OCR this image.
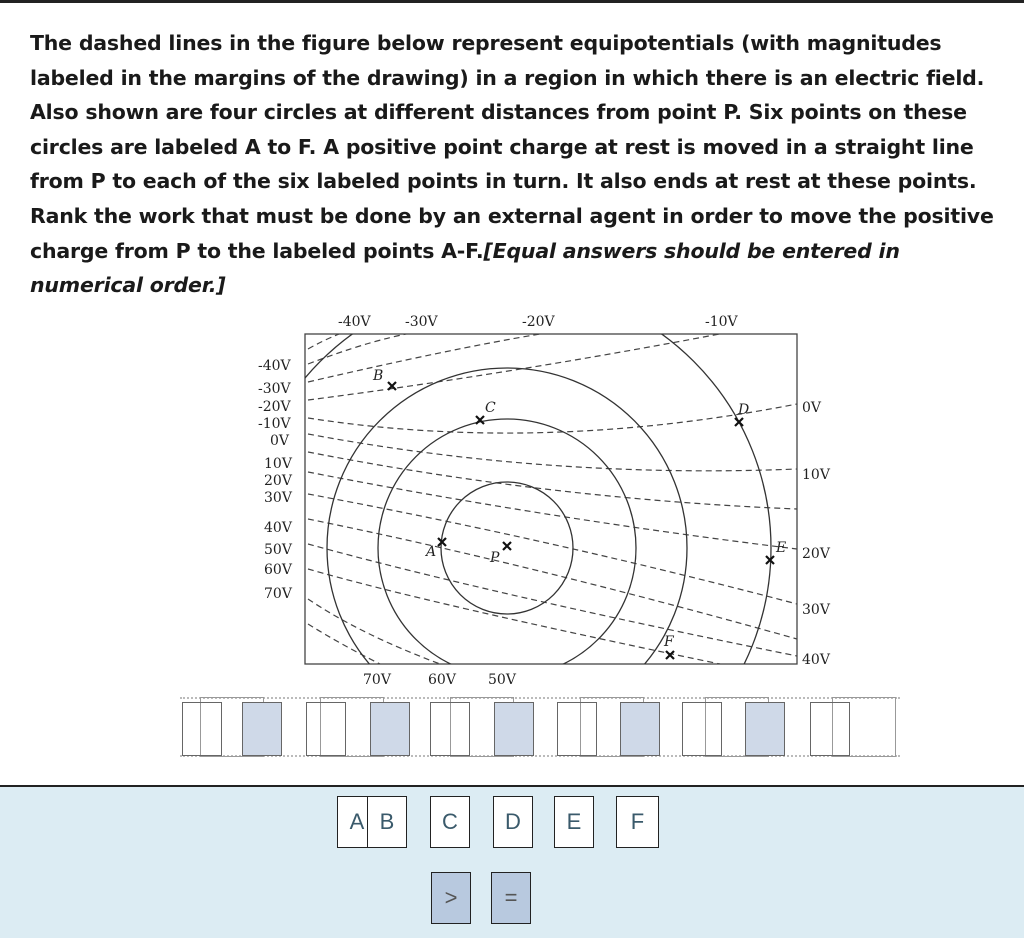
The dashed lines in the figure below represent equipotentials (with magnitudes labeled in the margins of the drawing) in a region in which there is an electric field. Also shown are four circles at different distances from point P. Six points on these circles are labeled A to F. A positive point charge at rest is moved in a straight line from P to each of the six labeled points in turn. It also ends at rest at these points. Rank the work that must be done by an external agent in order to move the positive charge from P to the labeled points A-F.[Equal answers should be entered in numerical order.]

B
C	D
A	P
E
F
-40V -30V	-20V	-10V
-40V
-30V
-20V
-10V
0V
10V
20V
30V
40V
50V
60V
70V
0V
10V
20V
30V
40V
70V	60V 50V
A B	C	D	E	F
>	=
